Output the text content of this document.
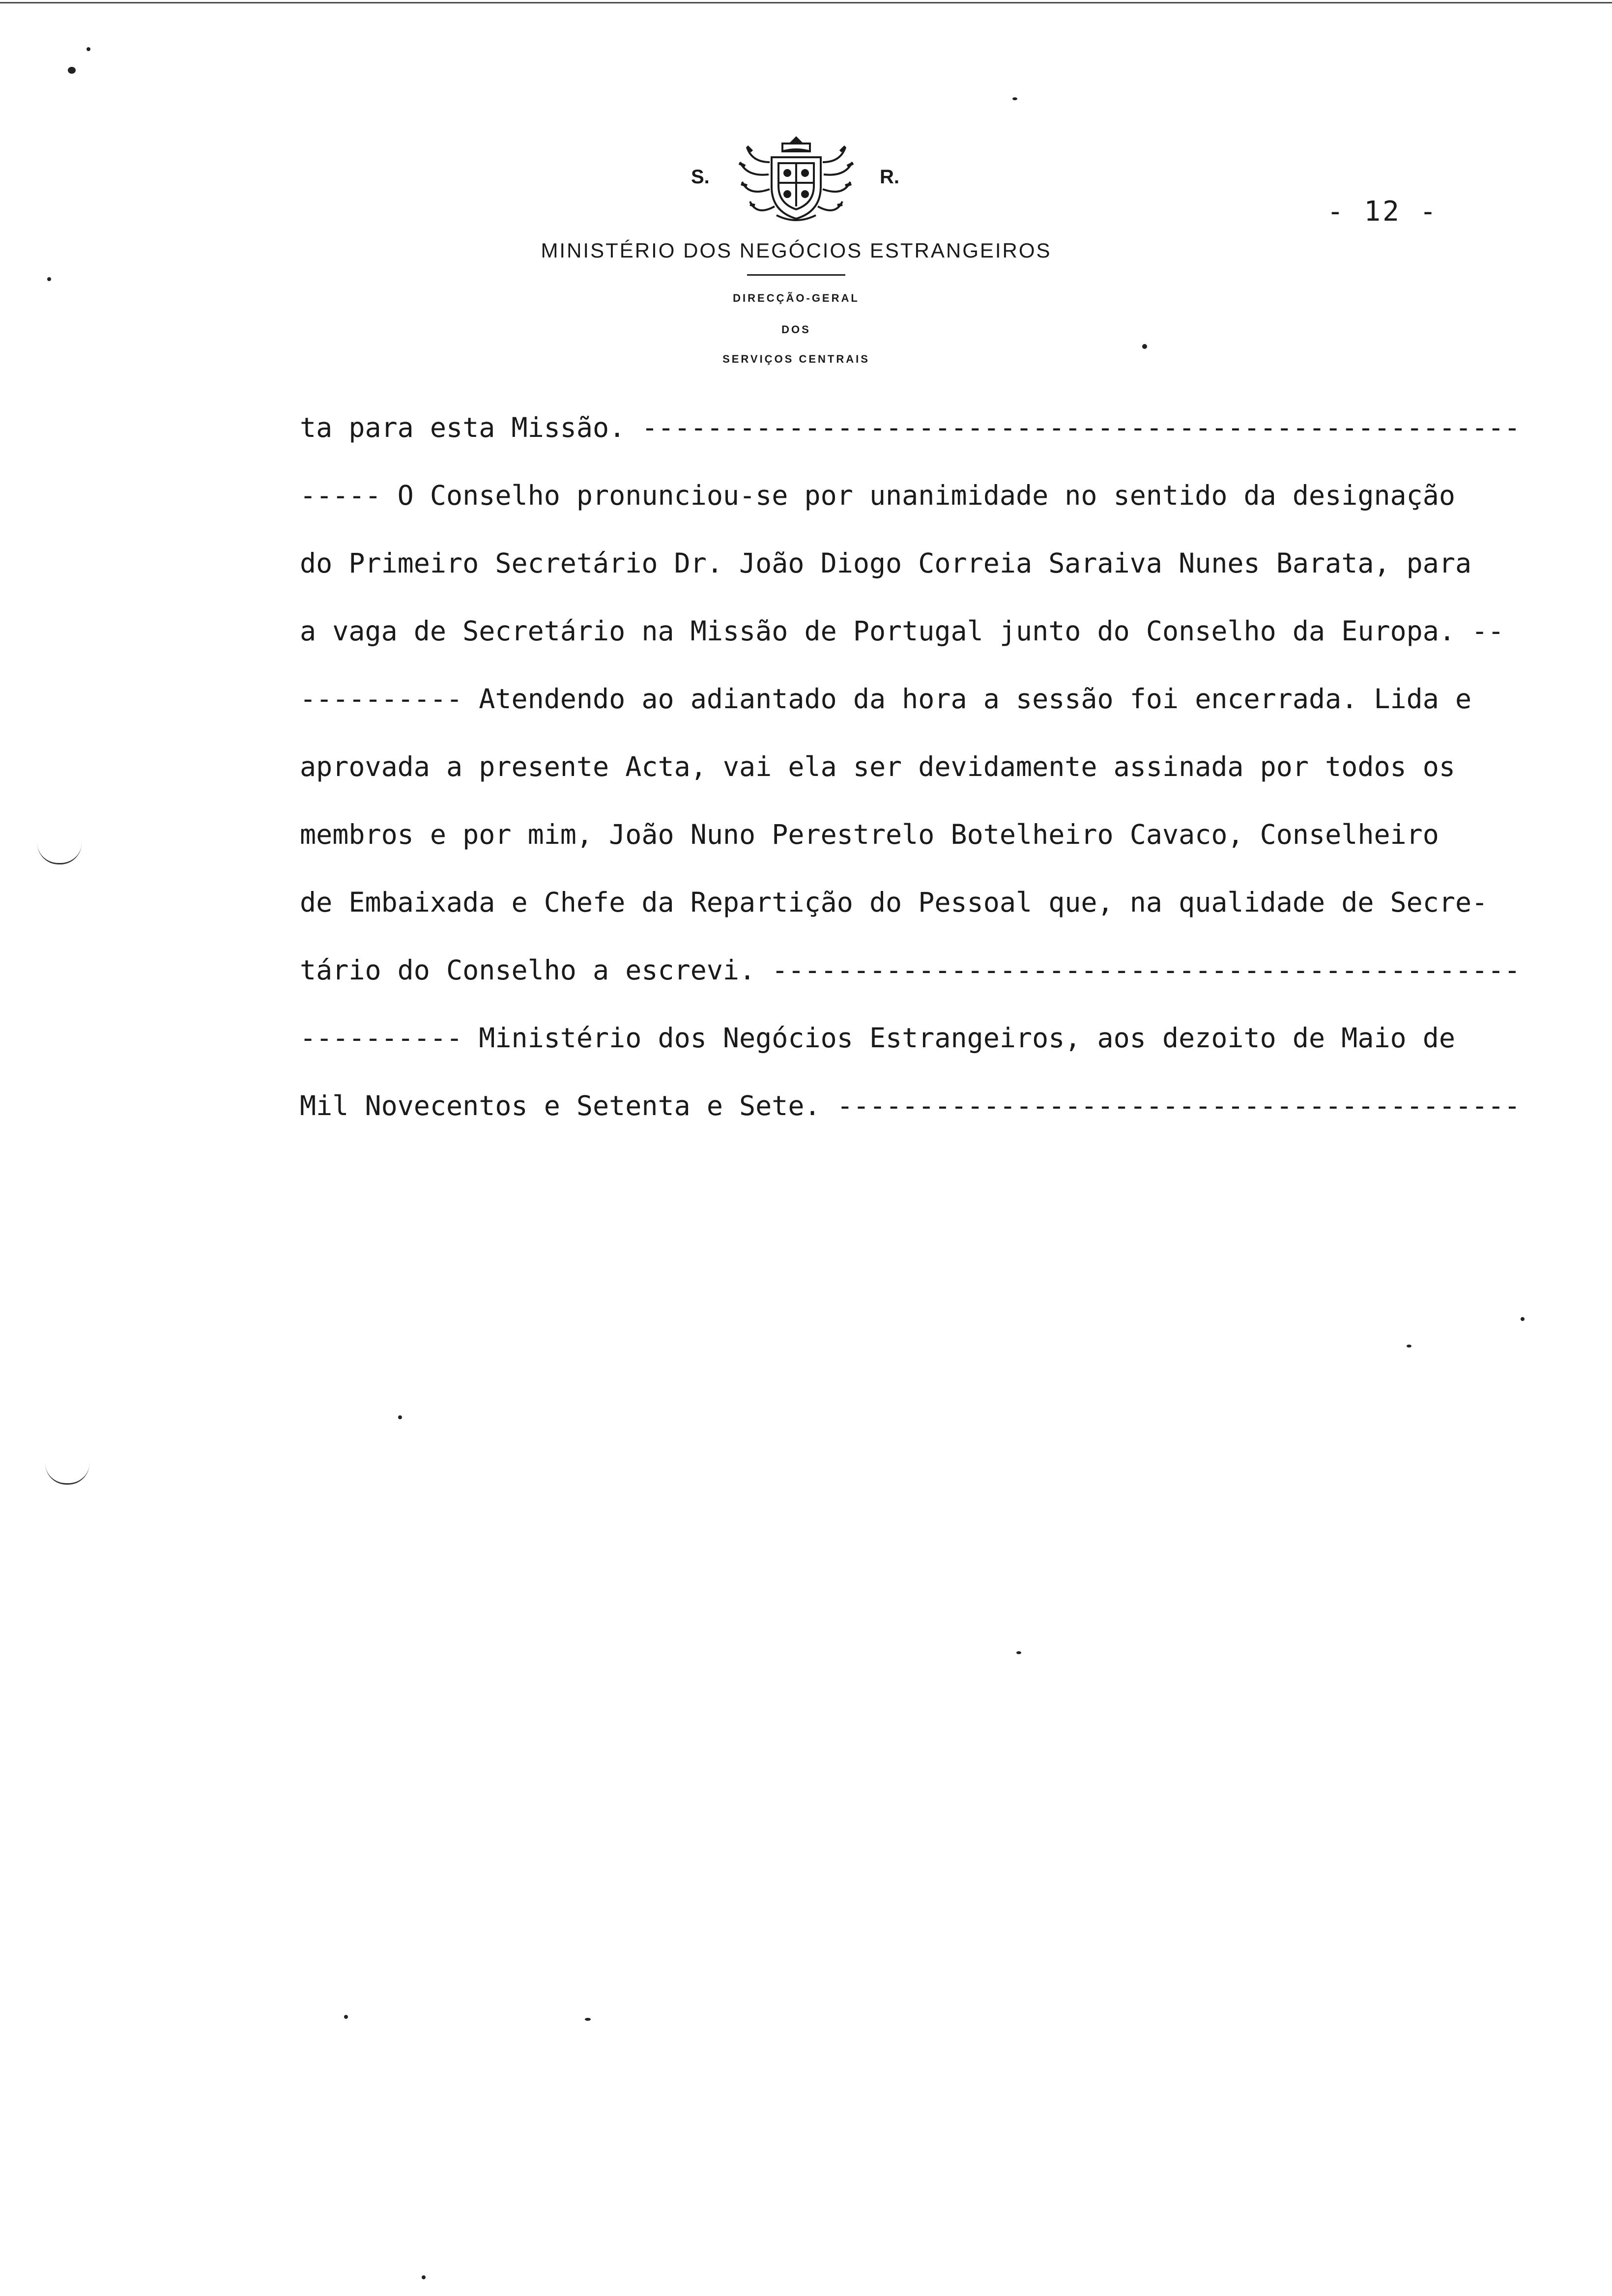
S.	R.
MINISTÉRIO DOS NEGÓCIOS ESTRANGEIROS
DIRECÇÃO-GERAL
DOS
SERVIÇOS CENTRAIS
- 12 -
ta para esta Missão. ------------------------------------------------------
----- O Conselho pronunciou-se por unanimidade no sentido da designação
do Primeiro Secretário Dr. João Diogo Correia Saraiva Nunes Barata, para
a vaga de Secretário na Missão de Portugal junto do Conselho da Europa. --
---------- Atendendo ao adiantado da hora a sessão foi encerrada. Lida e
aprovada a presente Acta, vai ela ser devidamente assinada por todos os
membros e por mim, João Nuno Perestrelo Botelheiro Cavaco, Conselheiro
de Embaixada e Chefe da Repartição do Pessoal que, na qualidade de Secre-
tário do Conselho a escrevi. ----------------------------------------------
---------- Ministério dos Negócios Estrangeiros, aos dezoito de Maio de
Mil Novecentos e Setenta e Sete. ------------------------------------------
